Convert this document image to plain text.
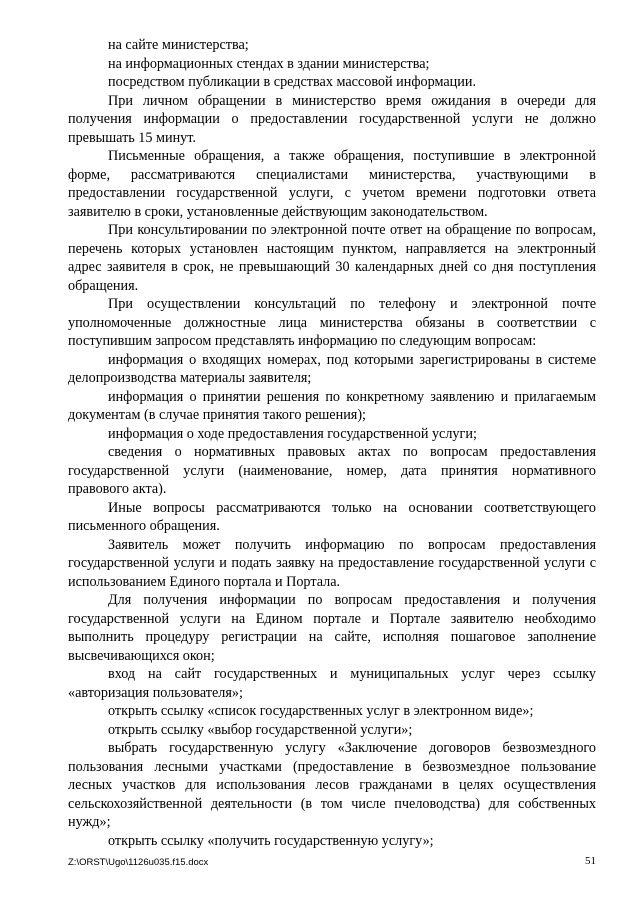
на сайте министерства;

на информационных стендах в здании министерства;

посредством публикации в средствах массовой информации.

При личном обращении в министерство время ожидания в очереди для получения информации о предоставлении государственной услуги не должно превышать 15 минут.

Письменные обращения, а также обращения, поступившие в электронной форме, рассматриваются специалистами министерства, участвующими в предоставлении государственной услуги, с учетом времени подготовки ответа заявителю в сроки, установленные действующим законодательством.

При консультировании по электронной почте ответ на обращение по вопросам, перечень которых установлен настоящим пунктом, направляется на электронный адрес заявителя в срок, не превышающий 30 календарных дней со дня поступления обращения.

При осуществлении консультаций по телефону и электронной почте уполномоченные должностные лица министерства обязаны в соответствии с поступившим запросом представлять информацию по следующим вопросам:

информация о входящих номерах, под которыми зарегистрированы в системе делопроизводства материалы заявителя;

информация о принятии решения по конкретному заявлению и прилагаемым документам (в случае принятия такого решения);

информация о ходе предоставления государственной услуги;

сведения о нормативных правовых актах по вопросам предоставления государственной услуги (наименование, номер, дата принятия нормативного правового акта).

Иные вопросы рассматриваются только на основании соответствующего письменного обращения.

Заявитель может получить информацию по вопросам предоставления государственной услуги и подать заявку на предоставление государственной услуги с использованием Единого портала и Портала.

Для получения информации по вопросам предоставления и получения государственной услуги на Едином портале и Портале заявителю необходимо выполнить процедуру регистрации на сайте, исполняя пошаговое заполнение высвечивающихся окон;

вход на сайт государственных и муниципальных услуг через ссылку «авторизация пользователя»;

открыть ссылку «список государственных услуг в электронном виде»;

открыть ссылку «выбор государственной услуги»;

выбрать государственную услугу «Заключение договоров безвозмездного пользования лесными участками (предоставление в безвозмездное пользование лесных участков для использования лесов гражданами в целях осуществления сельскохозяйственной деятельности (в том числе пчеловодства) для собственных нужд»;

открыть ссылку «получить государственную услугу»;

Z:\ORST\Ugo\1126u035.f15.docx	51
